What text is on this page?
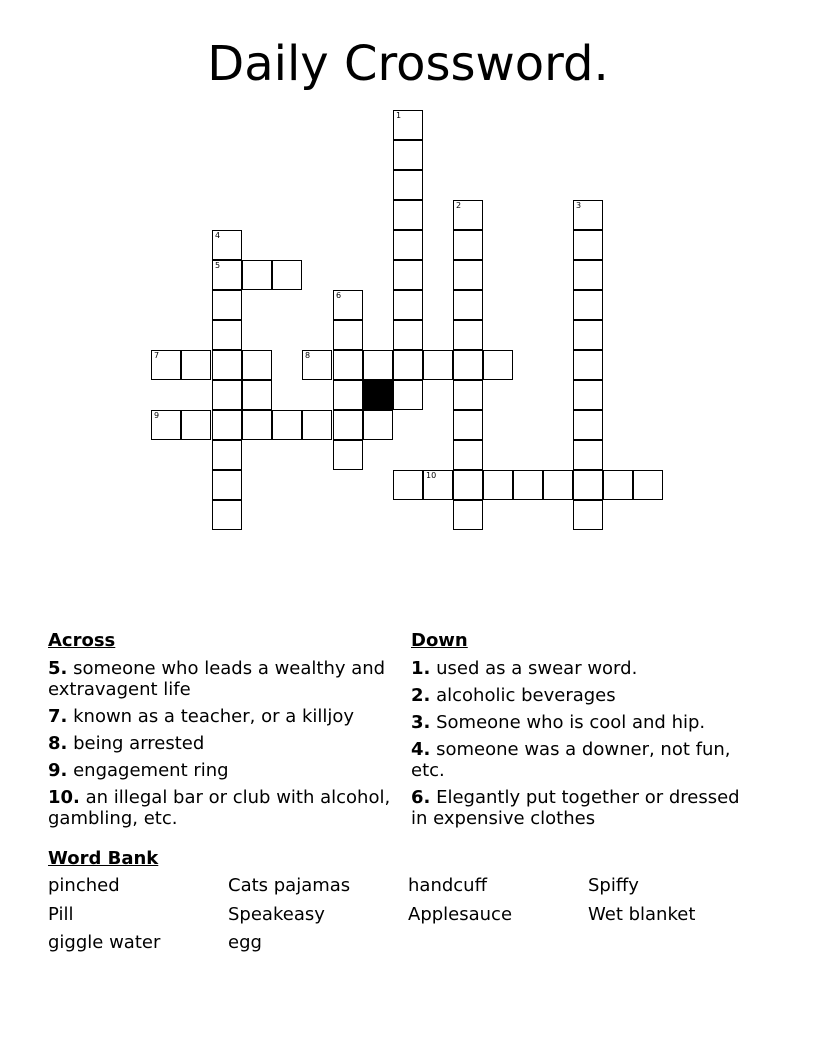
Daily Crossword.
1
2	3
4
5
6
7	8
9
10
Across
5. someone who leads a wealthy and extravagent life
7. known as a teacher, or a killjoy
8. being arrested
9. engagement ring
10. an illegal bar or club with alcohol, gambling, etc.
Down
1. used as a swear word.
2. alcoholic beverages
3. Someone who is cool and hip.
4. someone was a downer, not fun, etc.
6. Elegantly put together or dressed in expensive clothes
Word Bank
pinched	Cats pajamas	handcuff	Spiffy
Pill	Speakeasy	Applesauce	Wet blanket
giggle water	egg
